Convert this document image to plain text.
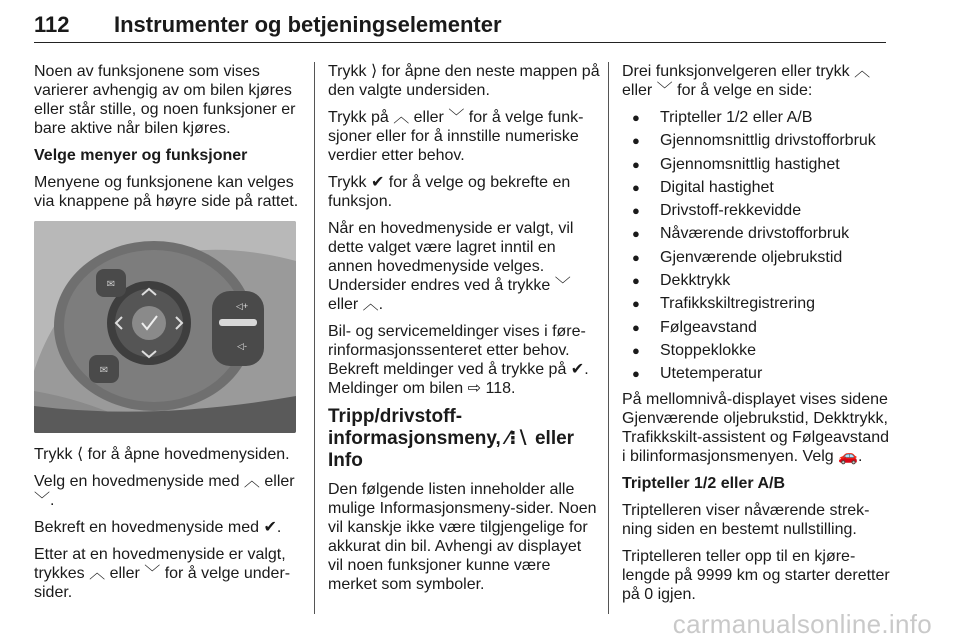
112 Instrumenter og betjeningselementer

Noen av funksjonene som vises varierer avhengig av om bilen kjøres eller står stille, og noen funksjoner er bare aktive når bilen kjøres.

Velge menyer og funksjoner

Menyene og funksjonene kan velges via knappene på høyre side på rattet.

◁+
◁-
✉
✉

Trykk ⟨ for å åpne hovedmenysiden.

Velg en hovedmenyside med ︿ eller ﹀.

Bekreft en hovedmenyside med ✔.

Etter at en hovedmenyside er valgt, trykkes ︿ eller ﹀ for å velge undersider.

Trykk ⟩ for åpne den neste mappen på den valgte undersiden.

Trykk på ︿ eller ﹀ for å velge funksjoner eller for å innstille numeriske verdier etter behov.

Trykk ✔ for å velge og bekrefte en funksjon.

Når en hovedmenyside er valgt, vil dette valget være lagret inntil en annen hovedmenyside velges. Undersider endres ved å trykke ﹀ eller ︿.

Bil- og servicemeldinger vises i førerinformasjonssenteret etter behov. Bekreft meldinger ved å trykke på ✔. Meldinger om bilen ⇨ 118.

Tripp/drivstoff-informasjonsmeny, ⁄⁝∖ eller Info

Den følgende listen inneholder alle mulige Informasjonsmeny-sider. Noen vil kanskje ikke være tilgjengelige for akkurat din bil. Avhengi av displayet vil noen funksjoner kunne være merket som symboler.

Drei funksjonvelgeren eller trykk ︿ eller ﹀ for å velge en side:

● Tripteller 1/2 eller A/B
● Gjennomsnittlig drivstofforbruk
● Gjennomsnittlig hastighet
● Digital hastighet
● Drivstoff-rekkevidde
● Nåværende drivstofforbruk
● Gjenværende oljebrukstid
● Dekktrykk
● Trafikkskiltregistrering
● Følgeavstand
● Stoppeklokke
● Utetemperatur

På mellomnivå-displayet vises sidene Gjenværende oljebrukstid, Dekktrykk, Trafikkskilt-assistent og Følgeavstand i bilinformasjonsmenyen. Velg 🚗.

Tripteller 1/2 eller A/B

Triptelleren viser nåværende strekning siden en bestemt nullstilling.

Triptelleren teller opp til en kjørelengde på 9999 km og starter deretter på 0 igjen.

carmanualsonline.info
